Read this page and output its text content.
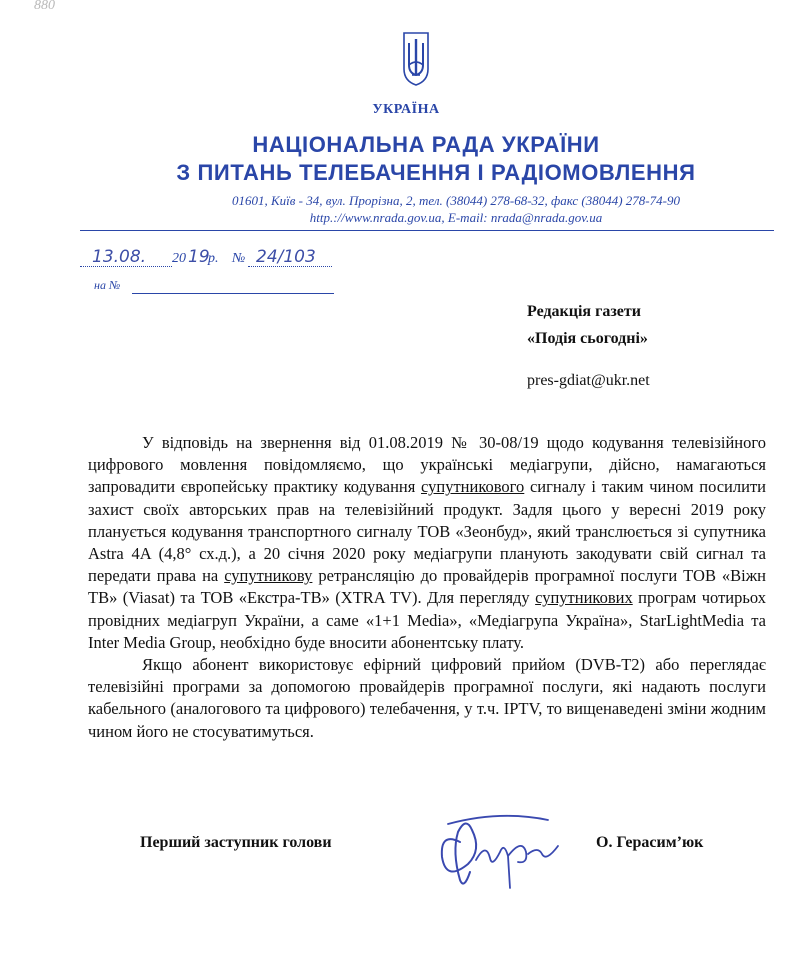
880
УКРАЇНА
НАЦІОНАЛЬНА РАДА УКРАЇНИ
З ПИТАНЬ ТЕЛЕБАЧЕННЯ І РАДІОМОВЛЕННЯ
01601, Київ - 34, вул. Прорізна, 2, тел. (38044) 278-68-32, факс (38044) 278-74-90
http.://www.nrada.gov.ua, E-mail: nrada@nrada.gov.ua
13.08. 20 19
р. № 24/103
на №
Редакція газети
«Подія сьогодні»
pres-gdiat@ukr.net

У відповідь на звернення від 01.08.2019 № 30-08/19 щодо кодування телевізійного цифрового мовлення повідомляємо, що українські медіагрупи, дійсно, намагаються запровадити європейську практику кодування супутникового сигналу і таким чином посилити захист своїх авторських прав на телевізійний продукт. Задля цього у вересні 2019 року планується кодування транспортного сигналу ТОВ «Зеонбуд», який транслюється зі супутника Astra 4A (4,8° сх.д.), а 20 січня 2020 року медіагрупи планують закодувати свій сигнал та передати права на супутникову ретрансляцію до провайдерів програмної послуги ТОВ «Віжн ТВ» (Viasat) та ТОВ «Екстра-ТВ» (XTRA TV). Для перегляду супутникових програм чотирьох провідних медіагруп України, а саме «1+1 Media», «Медіагрупа Україна», StarLightMedia та Inter Media Group, необхідно буде вносити абонентську плату.

Якщо абонент використовує ефірний цифровий прийом (DVB-T2) або переглядає телевізійні програми за допомогою провайдерів програмної послуги, які надають послуги кабельного (аналогового та цифрового) телебачення, у т.ч. IPTV, то вищенаведені зміни жодним чином його не стосуватимуться.

Перший заступник голови	О. Герасим’юк
